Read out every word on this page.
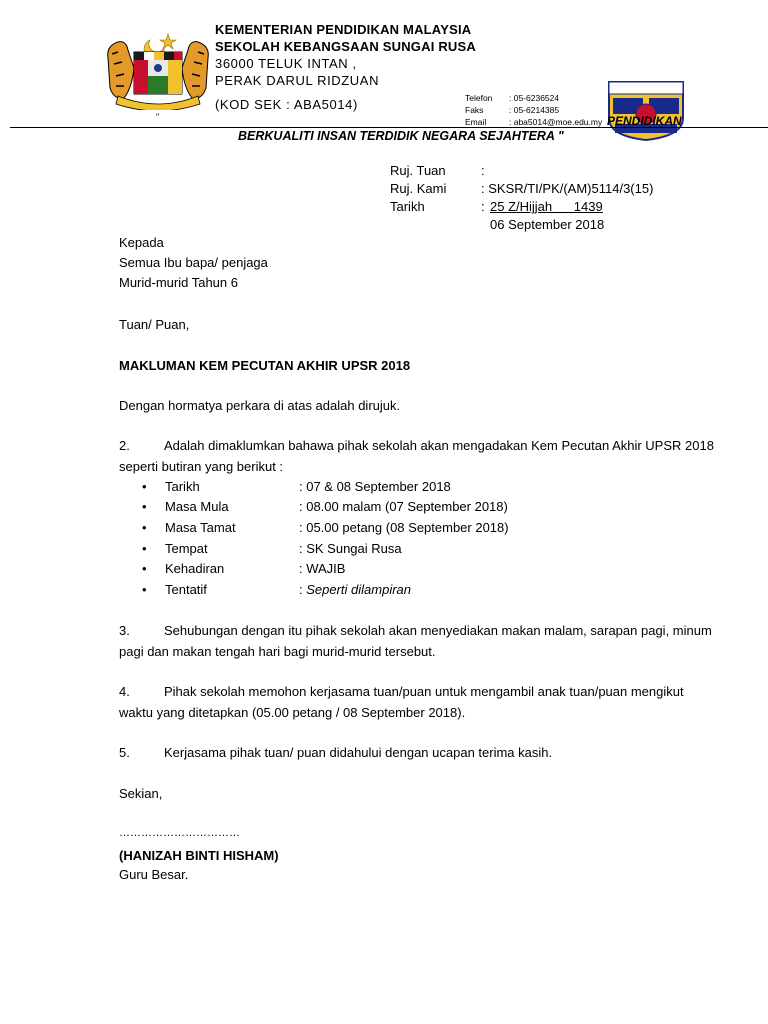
"
KEMENTERIAN PENDIDIKAN MALAYSIA
SEKOLAH KEBANGSAAN SUNGAI RUSA
36000 TELUK INTAN ,
PERAK DARUL RIDZUAN
(KOD SEK : ABA5014)	Telefon : 05-6236524
Faks	: 05-6214385
Email	: aba5014@moe.edu.my PENDIDIKAN
BERKUALITI INSAN TERDIDIK NEGARA SEJAHTERA "
Ruj. Tuan	:
Ruj. Kami	: SKSR/TI/PK/(AM)5114/3(15)
Tarikh	: 25 Z/Hijjah      1439
06 September 2018
Kepada
Semua Ibu bapa/ penjaga
Murid-murid Tahun 6
Tuan/ Puan,
MAKLUMAN KEM PECUTAN AKHIR UPSR 2018
Dengan hormatya perkara di atas adalah dirujuk.
2.	Adalah dimaklumkan bahawa pihak sekolah akan mengadakan Kem Pecutan Akhir UPSR 2018
seperti butiran yang berikut :
• Tarikh	: 07 & 08 September 2018
• Masa Mula	: 08.00 malam (07 September 2018)
• Masa Tamat	: 05.00 petang (08 September 2018)
• Tempat	: SK Sungai Rusa
• Kehadiran	: WAJIB
• Tentatif	: Seperti dilampiran
3.	Sehubungan dengan itu pihak sekolah akan menyediakan makan malam, sarapan pagi, minum
pagi dan makan tengah hari bagi murid-murid tersebut.
4.	Pihak sekolah memohon kerjasama tuan/puan untuk mengambil anak tuan/puan mengikut
waktu yang ditetapkan (05.00 petang / 08 September 2018).
5.	Kerjasama pihak tuan/ puan didahului dengan ucapan terima kasih.
Sekian,
……………………………
(HANIZAH BINTI HISHAM)
Guru Besar.
